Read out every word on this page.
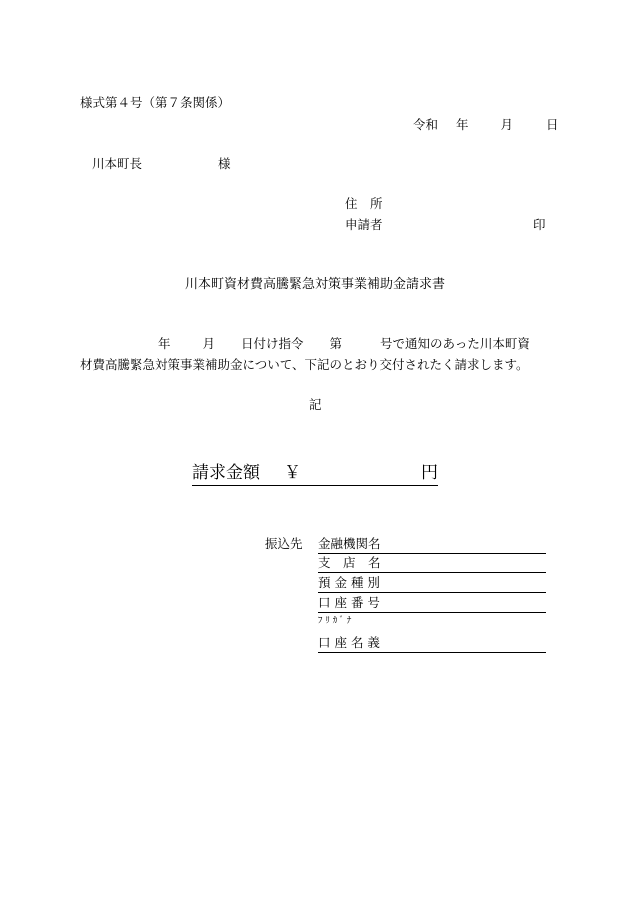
様式第４号（第７条関係）
令和 年	月	日
川本町長	様
住　所
申請者	印
川本町資材費高騰緊急対策事業補助金請求書
年	月 日付け指令 第	号で通知のあった川本町資
材費高騰緊急対策事業補助金について、下記のとおり交付されたく請求します。
記
請求金額 ￥	円
振込先 金融機関名
支　店　名
預 金 種 別
口 座 番 号
ﾌ ﾘ ｶ ﾞ ﾅ
口 座 名 義
